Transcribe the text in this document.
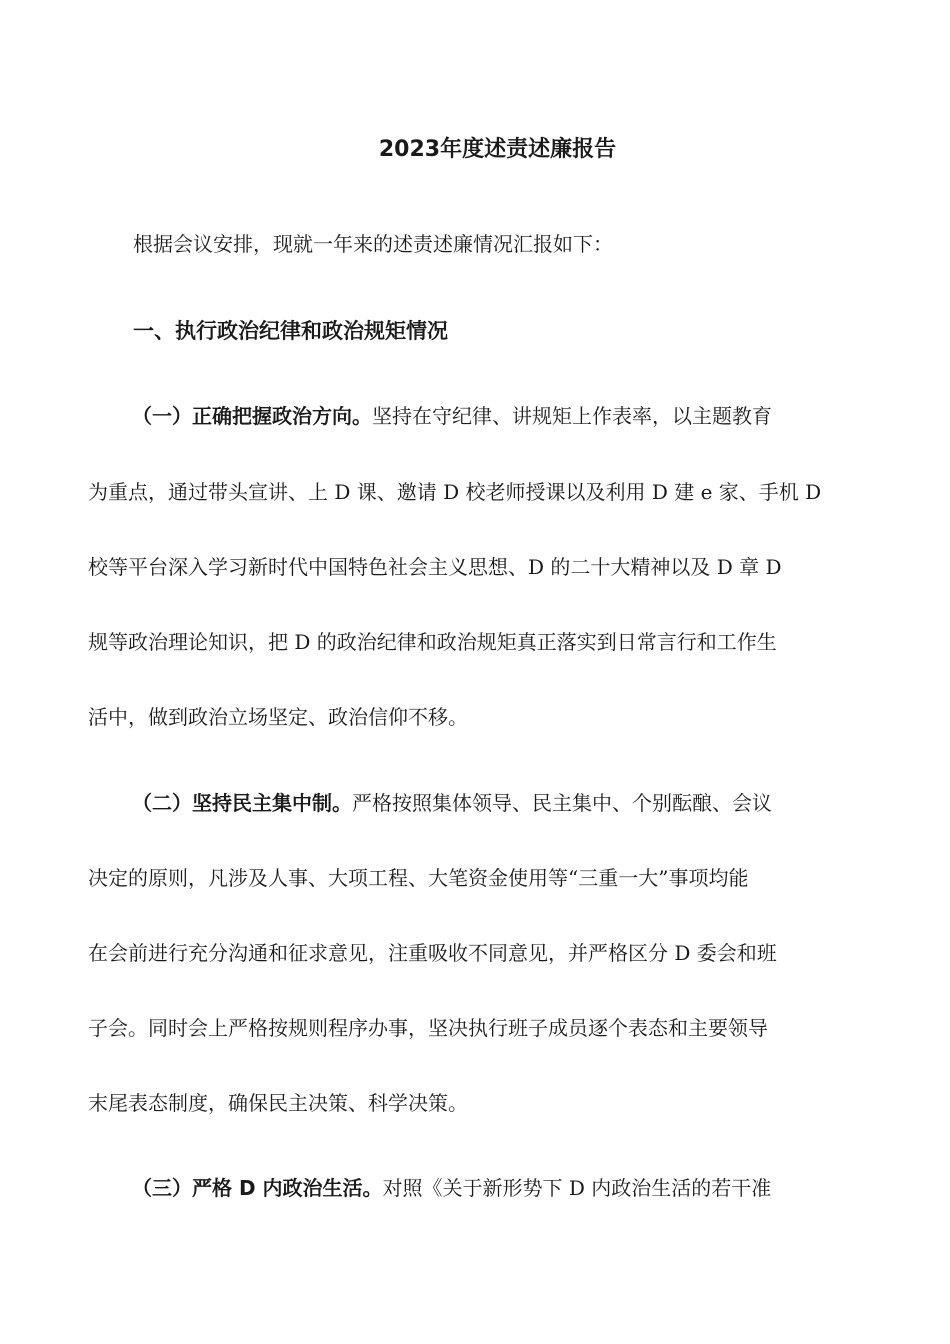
2023年度述责述廉报告
根据会议安排，现就一年来的述责述廉情况汇报如下：
一、执行政治纪律和政治规矩情况
（一）正确把握政治方向。坚持在守纪律、讲规矩上作表率，以主题教育
为重点，通过带头宣讲、上 D 课、邀请 D 校老师授课以及利用 D 建 e 家、手机 D
校等平台深入学习新时代中国特色社会主义思想、D 的二十大精神以及 D 章 D
规等政治理论知识，把 D 的政治纪律和政治规矩真正落实到日常言行和工作生
活中，做到政治立场坚定、政治信仰不移。
（二）坚持民主集中制。严格按照集体领导、民主集中、个别酝酿、会议
决定的原则，凡涉及人事、大项工程、大笔资金使用等“三重一大”事项均能
在会前进行充分沟通和征求意见，注重吸收不同意见，并严格区分 D 委会和班
子会。同时会上严格按规则程序办事，坚决执行班子成员逐个表态和主要领导
末尾表态制度，确保民主决策、科学决策。
（三）严格 D 内政治生活。对照《关于新形势下 D 内政治生活的若干准
